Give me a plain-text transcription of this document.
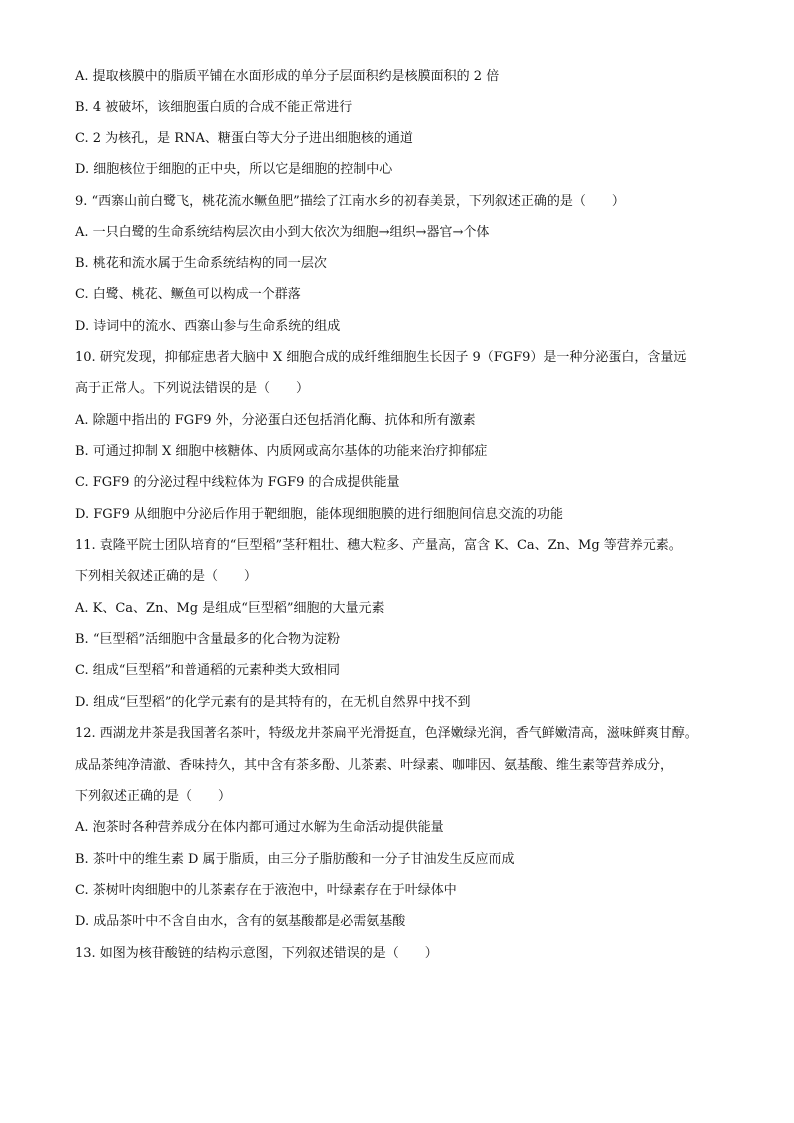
A. 提取核膜中的脂质平铺在水面形成的单分子层面积约是核膜面积的 2 倍
B. 4 被破坏，该细胞蛋白质的合成不能正常进行
C. 2 为核孔，是 RNA、糖蛋白等大分子进出细胞核的通道
D. 细胞核位于细胞的正中央，所以它是细胞的控制中心
9. “西寨山前白鹭飞，桃花流水鳜鱼肥”描绘了江南水乡的初春美景，下列叙述正确的是（　　）
A. 一只白鹭的生命系统结构层次由小到大依次为细胞→组织→器官→个体
B. 桃花和流水属于生命系统结构的同一层次
C. 白鹭、桃花、鳜鱼可以构成一个群落
D. 诗词中的流水、西寨山参与生命系统的组成
10. 研究发现，抑郁症患者大脑中 X 细胞合成的成纤维细胞生长因子 9（FGF9）是一种分泌蛋白，含量远
高于正常人。下列说法错误的是（　　）
A. 除题中指出的 FGF9 外，分泌蛋白还包括消化酶、抗体和所有激素
B. 可通过抑制 X 细胞中核糖体、内质网或高尔基体的功能来治疗抑郁症
C. FGF9 的分泌过程中线粒体为 FGF9 的合成提供能量
D. FGF9 从细胞中分泌后作用于靶细胞，能体现细胞膜的进行细胞间信息交流的功能
11. 袁隆平院士团队培育的“巨型稻”茎秆粗壮、穗大粒多、产量高，富含 K、Ca、Zn、Mg 等营养元素。
下列相关叙述正确的是（　　）
A. K、Ca、Zn、Mg 是组成“巨型稻”细胞的大量元素
B. “巨型稻”活细胞中含量最多的化合物为淀粉
C. 组成“巨型稻”和普通稻的元素种类大致相同
D. 组成“巨型稻”的化学元素有的是其特有的，在无机自然界中找不到
12. 西湖龙井茶是我国著名茶叶，特级龙井茶扁平光滑挺直，色泽嫩绿光润，香气鲜嫩清高，滋味鲜爽甘醇。
成品茶纯净清澈、香味持久，其中含有茶多酚、儿茶素、叶绿素、咖啡因、氨基酸、维生素等营养成分，
下列叙述正确的是（　　）
A. 泡茶时各种营养成分在体内都可通过水解为生命活动提供能量
B. 茶叶中的维生素 D 属于脂质，由三分子脂肪酸和一分子甘油发生反应而成
C. 茶树叶肉细胞中的儿茶素存在于液泡中，叶绿素存在于叶绿体中
D. 成品茶叶中不含自由水，含有的氨基酸都是必需氨基酸
13. 如图为核苷酸链的结构示意图，下列叙述错误的是（　　）
